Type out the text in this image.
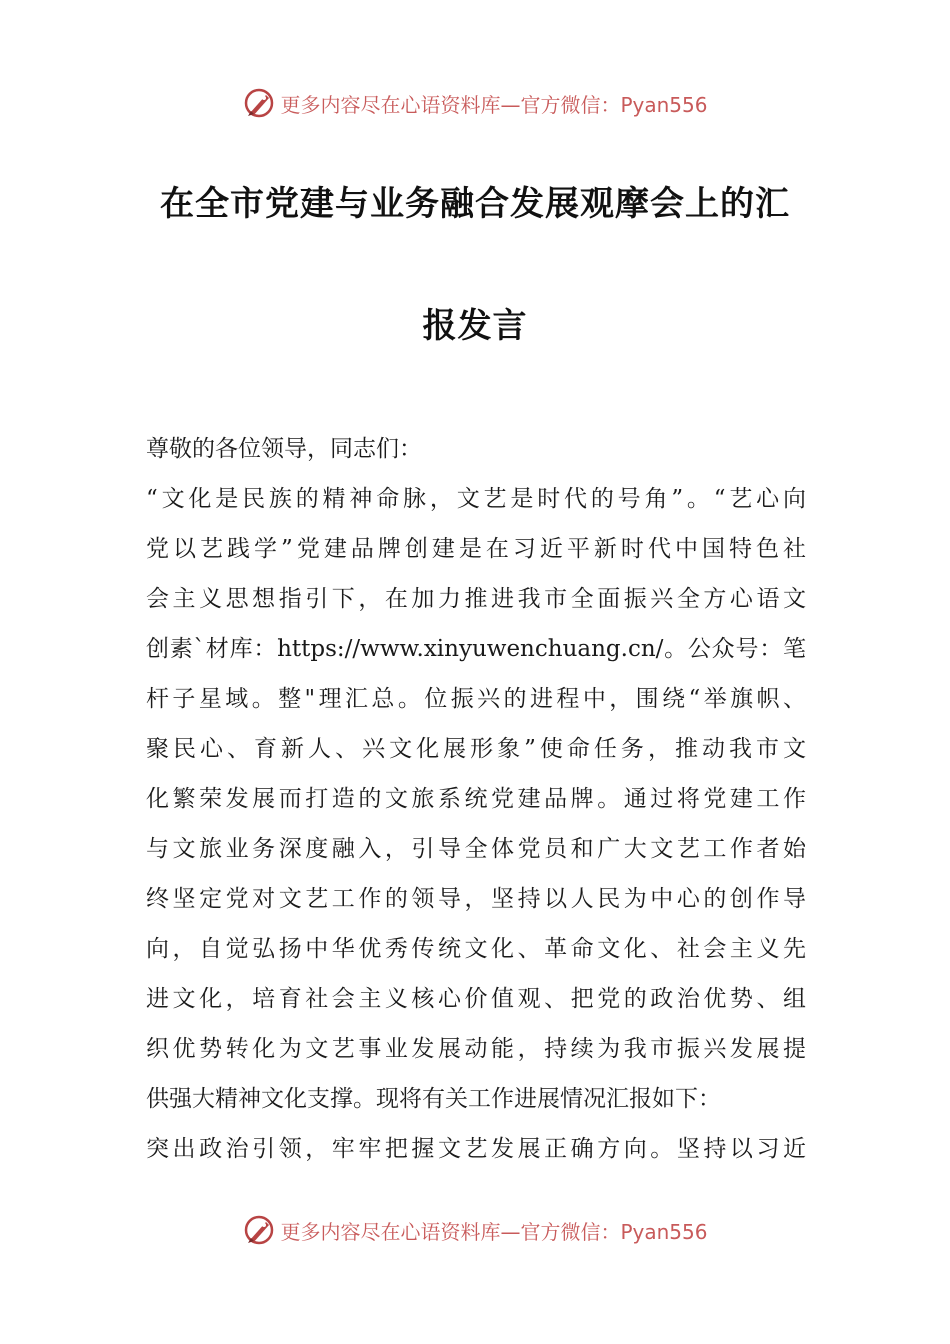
更多内容尽在心语资料库—官方微信：Pyan556
在全市党建与业务融合发展观摩会上的汇
报发言
尊敬的各位领导，同志们：
“文化是民族的精神命脉，文艺是时代的号角”。“艺心向
党以艺践学”党建品牌创建是在习近平新时代中国特色社
会主义思想指引下，在加力推进我市全面振兴全方心语文
创素`材库：https://www.xinyuwenchuang.cn/。公众号：笔
杆子星域。整"理汇总。位振兴的进程中，围绕“举旗帜、
聚民心、育新人、兴文化展形象”使命任务，推动我市文
化繁荣发展而打造的文旅系统党建品牌。通过将党建工作
与文旅业务深度融入，引导全体党员和广大文艺工作者始
终坚定党对文艺工作的领导，坚持以人民为中心的创作导
向，自觉弘扬中华优秀传统文化、革命文化、社会主义先
进文化，培育社会主义核心价值观、把党的政治优势、组
织优势转化为文艺事业发展动能，持续为我市振兴发展提
供强大精神文化支撑。现将有关工作进展情况汇报如下：
突出政治引领，牢牢把握文艺发展正确方向。坚持以习近
更多内容尽在心语资料库—官方微信：Pyan556
